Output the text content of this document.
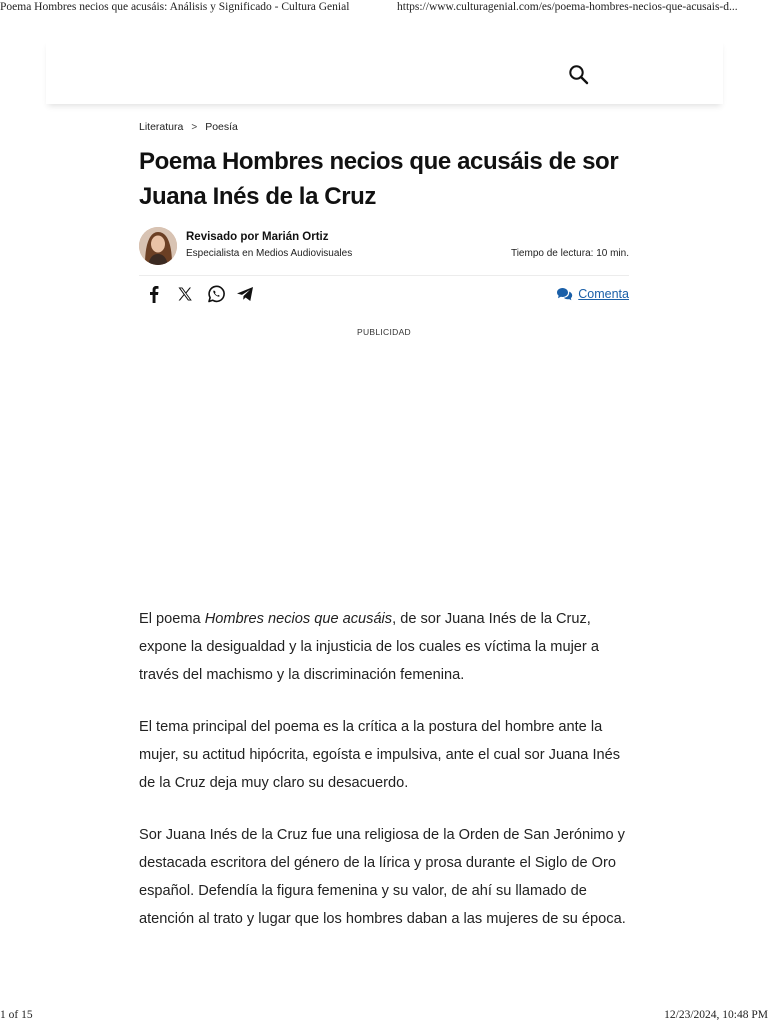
Poema Hombres necios que acusáis: Análisis y Significado - Cultura Genial	https://www.culturagenial.com/es/poema-hombres-necios-que-acusais-d...
Literatura > Poesía
Poema Hombres necios que acusáis de sor Juana Inés de la Cruz
Revisado por Marián Ortiz
Especialista en Medios Audiovisuales	Tiempo de lectura: 10 min.
Comenta
PUBLICIDAD

El poema Hombres necios que acusáis, de sor Juana Inés de la Cruz, expone la desigualdad y la injusticia de los cuales es víctima la mujer a través del machismo y la discriminación femenina.

El tema principal del poema es la crítica a la postura del hombre ante la mujer, su actitud hipócrita, egoísta e impulsiva, ante el cual sor Juana Inés de la Cruz deja muy claro su desacuerdo.

Sor Juana Inés de la Cruz fue una religiosa de la Orden de San Jerónimo y destacada escritora del género de la lírica y prosa durante el Siglo de Oro español. Defendía la figura femenina y su valor, de ahí su llamado de atención al trato y lugar que los hombres daban a las mujeres de su época.

1 of 15	12/23/2024, 10:48 PM
